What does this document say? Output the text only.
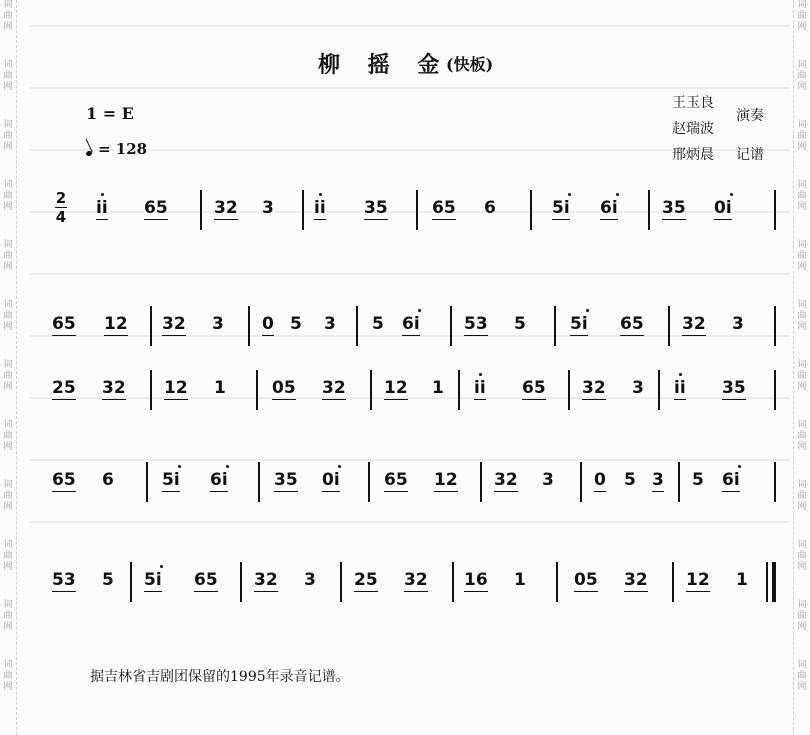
词曲网
词曲网
词曲网
词曲网
词曲网
词曲网
词曲网
词曲网
词曲网
词曲网
词曲网
词曲网
词曲网
词曲网
词曲网
词曲网
词曲网
词曲网
词曲网
词曲网
词曲网
词曲网
词曲网
词曲网
柳 摇 金
(快板)
王玉良
演奏
赵瑞波
邢炳晨 记谱
1 = E
= 128
2
4 ii 65	32 3 ii 35	65 6	5i 6i	35 0i
65 12 32 3 0 5 3 5 6i	53 5	5i 65 32 3
25 32 12 1	05 32 12 1 ii 65 32 3 ii 35
65 6	5i 6i	35 0i	65 12 32 3 0 5 3 5 6i
53 5 5i 65 32 3 25 32 16 1	05 32 12 1
据吉林省吉剧团保留的1995年录音记谱。
